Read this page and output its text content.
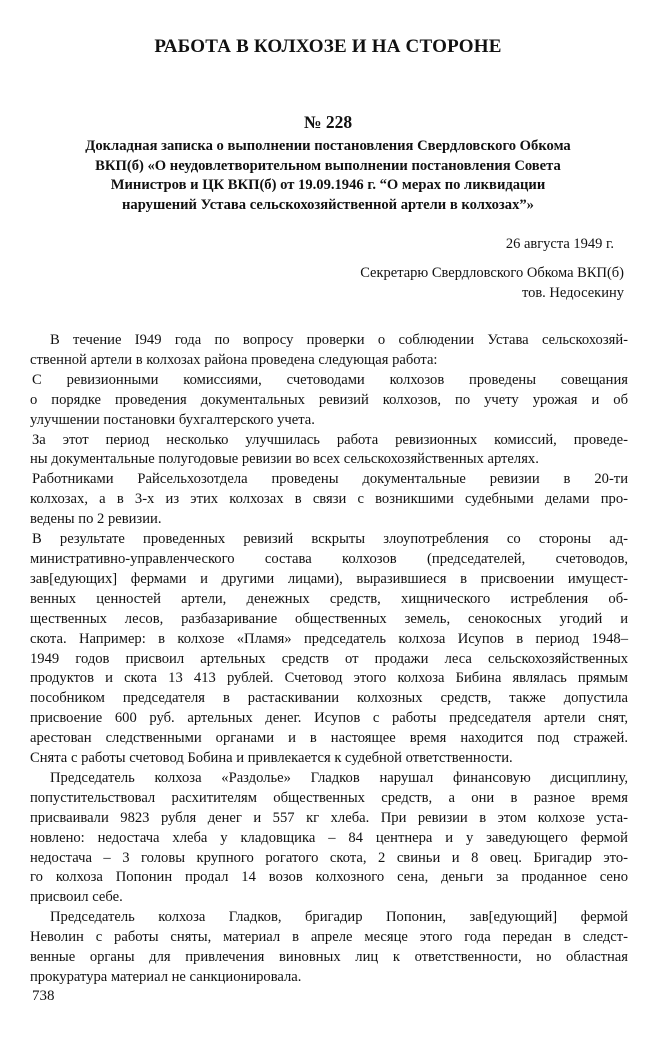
РАБОТА В КОЛХОЗЕ И НА СТОРОНЕ
№ 228
Докладная записка о выполнении постановления Свердловского Обкома
ВКП(б) «О неудовлетворительном выполнении постановления Совета
Министров и ЦК ВКП(б) от 19.09.1946 г. “О мерах по ликвидации
нарушений Устава сельскохозяйственной артели в колхозах”»
26 августа 1949 г.
Секретарю Свердловского Обкома ВКП(б)
тов. Недосекину
В течение I949 года по вопросу проверки о соблюдении Устава сельскохозяй-
ственной артели в колхозах района проведена следующая работа:
С ревизионными комиссиями, счетоводами колхозов проведены совещания
о порядке проведения документальных ревизий колхозов, по учету урожая и об
улучшении постановки бухгалтерского учета.
За этот период несколько улучшилась работа ревизионных комиссий, проведе-
ны документальные полугодовые ревизии во всех сельскохозяйственных артелях.
Работниками Райсельхозотдела проведены документальные ревизии в 20-ти
колхозах, а в 3-х из этих колхозах в связи с возникшими судебными делами про-
ведены по 2 ревизии.
В результате проведенных ревизий вскрыты злоупотребления со стороны ад-
министративно-управленческого состава колхозов (председателей, счетоводов,
зав[едующих] фермами и другими лицами), выразившиеся в присвоении имущест-
венных ценностей артели, денежных средств, хищнического истребления об-
щественных лесов, разбазаривание общественных земель, сенокосных угодий и
скота. Например: в колхозе «Пламя» председатель колхоза Исупов в период 1948–
1949 годов присвоил артельных средств от продажи леса сельскохозяйственных
продуктов и скота 13 413 рублей. Счетовод этого колхоза Бибина являлась прямым
пособником председателя в растаскивании колхозных средств, также допустила
присвоение 600 руб. артельных денег. Исупов с работы председателя артели снят,
арестован следственными органами и в настоящее время находится под стражей.
Снята с работы счетовод Бобина и привлекается к судебной ответственности.
Председатель колхоза «Раздолье» Гладков нарушал финансовую дисциплину,
попустительствовал расхитителям общественных средств, а они в разное время
присваивали 9823 рубля денег и 557 кг хлеба. При ревизии в этом колхозе уста-
новлено: недостача хлеба у кладовщика – 84 центнера и у заведующего фермой
недостача – 3 головы крупного рогатого скота, 2 свиньи и 8 овец. Бригадир это-
го колхоза Попонин продал 14 возов колхозного сена, деньги за проданное сено
присвоил себе.
Председатель колхоза Гладков, бригадир Попонин, зав[едующий] фермой
Неволин с работы сняты, материал в апреле месяце этого года передан в следст-
венные органы для привлечения виновных лиц к ответственности, но областная
прокуратура материал не санкционировала.
738
